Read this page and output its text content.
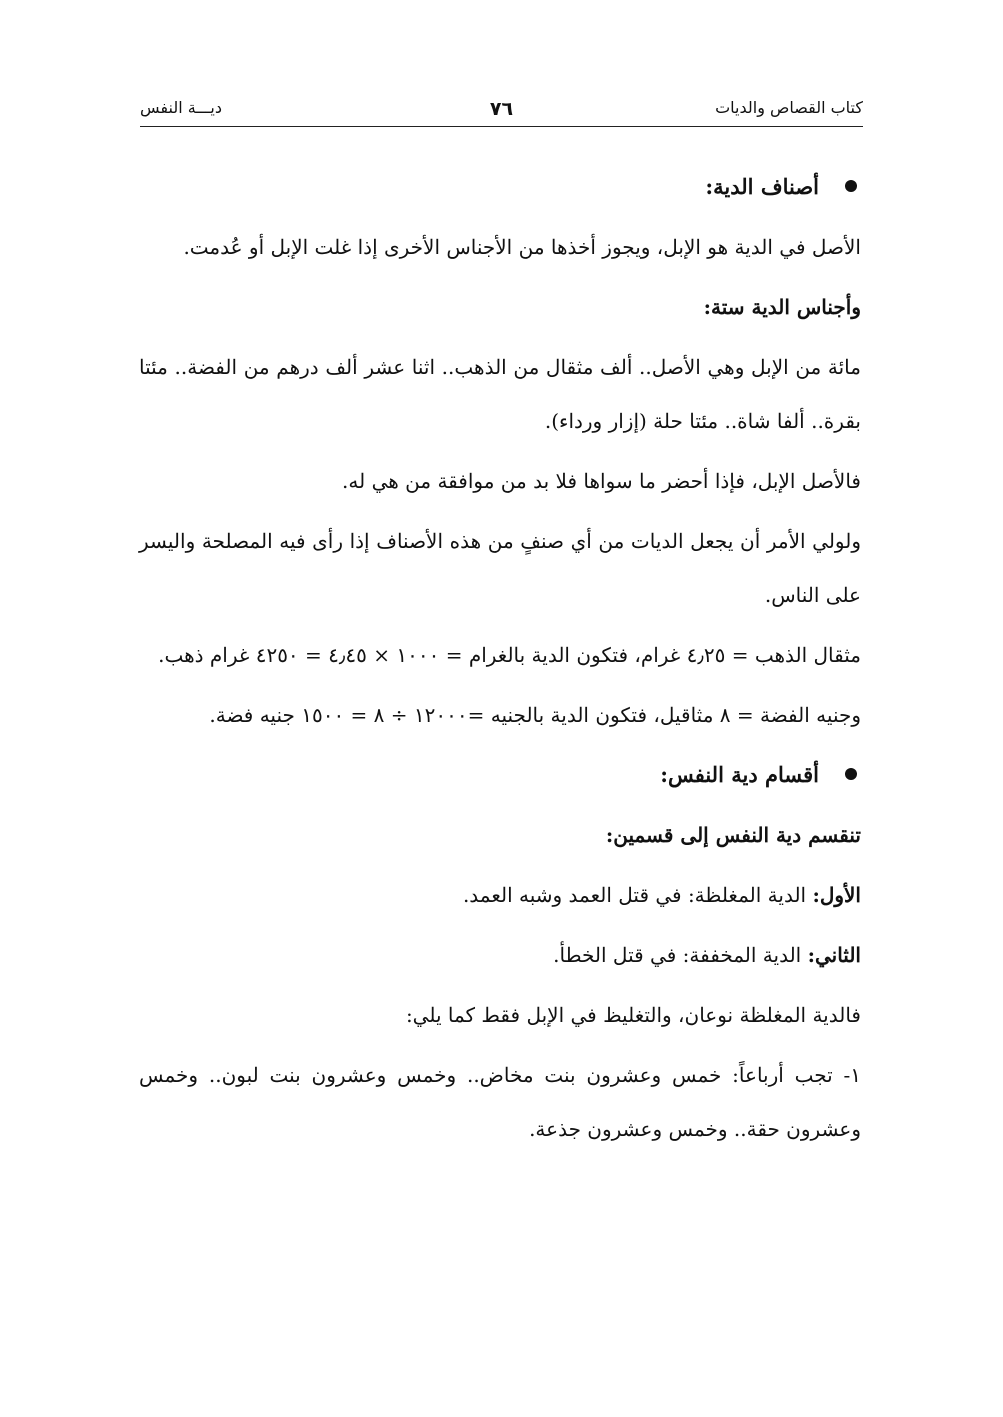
كتاب القصاص والديات
٧٦
ديـــة النفس
أصناف الدية:

الأصل في الدية هو الإبل، ويجوز أخذها من الأجناس الأخرى إذا غلت الإبل أو عُدمت.

وأجناس الدية ستة:

مائة من الإبل وهي الأصل.. ألف مثقال من الذهب.. اثنا عشر ألف درهم من الفضة.. مئتا بقرة.. ألفا شاة.. مئتا حلة (إزار ورداء).

فالأصل الإبل، فإذا أحضر ما سواها فلا بد من موافقة من هي له.

ولولي الأمر أن يجعل الديات من أي صنفٍ من هذه الأصناف إذا رأى فيه المصلحة واليسر على الناس.

مثقال الذهب = ٤٫٢٥ غرام، فتكون الدية بالغرام = ١٠٠٠ × ٤٫٤٥ = ٤٢٥٠ غرام ذهب.

وجنيه الفضة = ٨ مثاقيل، فتكون الدية بالجنيه =١٢٠٠٠ ÷ ٨ = ١٥٠٠ جنيه فضة.

أقسام دية النفس:

تنقسم دية النفس إلى قسمين:

الأول: الدية المغلظة: في قتل العمد وشبه العمد.

الثاني: الدية المخففة: في قتل الخطأ.

فالدية المغلظة نوعان، والتغليظ في الإبل فقط كما يلي:

١- تجب أرباعاً: خمس وعشرون بنت مخاض.. وخمس وعشرون بنت لبون.. وخمس وعشرون حقة.. وخمس وعشرون جذعة.
